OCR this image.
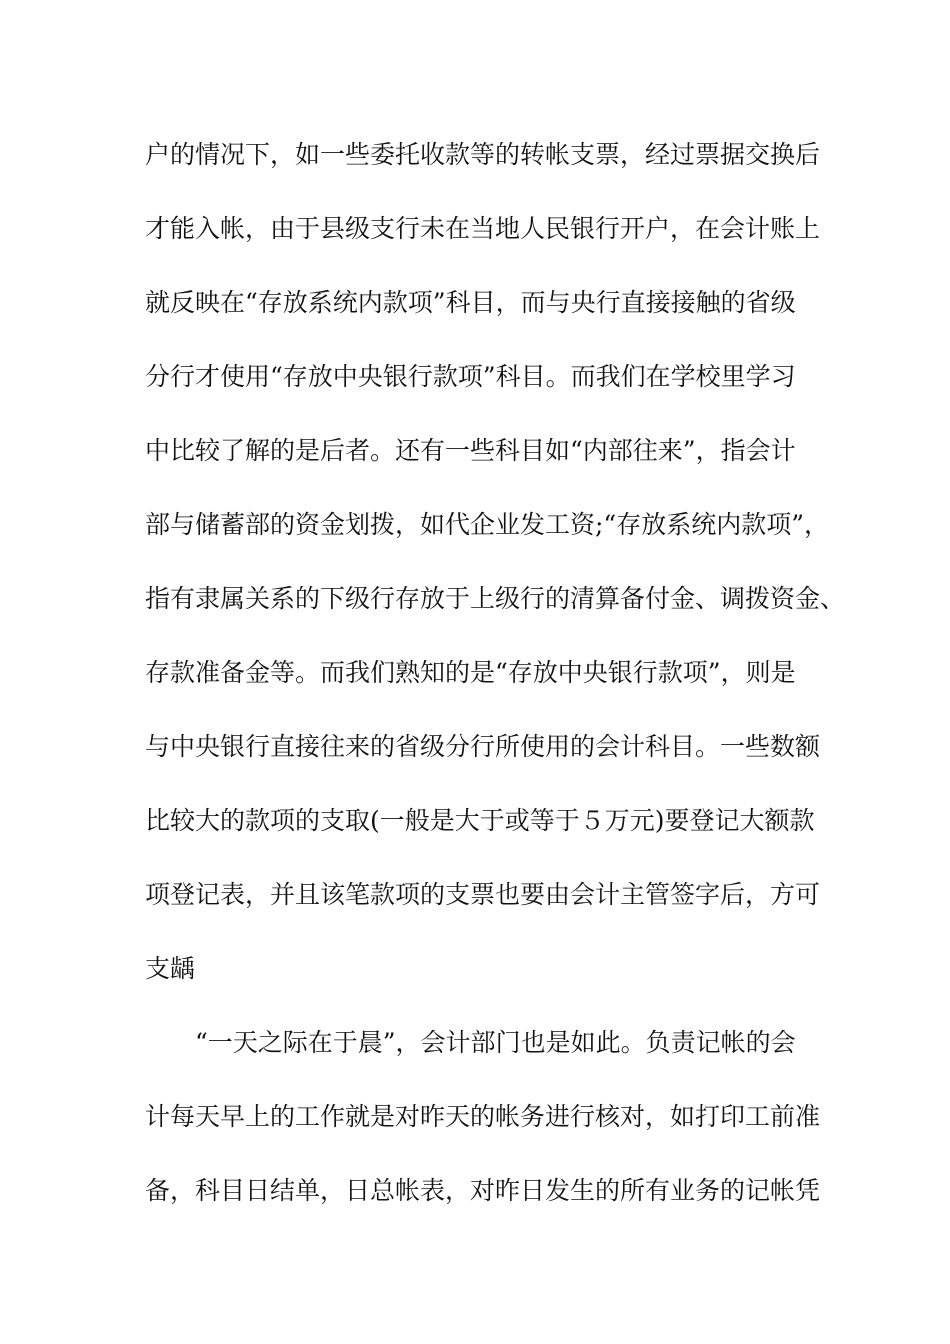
户的情况下，如一些委托收款等的转帐支票，经过票据交换后
才能入帐，由于县级支行未在当地人民银行开户，在会计账上
就反映在“存放系统内款项”科目，而与央行直接接触的省级
分行才使用“存放中央银行款项”科目。而我们在学校里学习
中比较了解的是后者。还有一些科目如“内部往来”，指会计
部与储蓄部的资金划拨，如代企业发工资;“存放系统内款项”，
指有隶属关系的下级行存放于上级行的清算备付金、调拨资金、
存款准备金等。而我们熟知的是“存放中央银行款项”，则是
与中央银行直接往来的省级分行所使用的会计科目。一些数额
比较大的款项的支取(一般是大于或等于５万元)要登记大额款
项登记表，并且该笔款项的支票也要由会计主管签字后，方可
支龋
“一天之际在于晨”，会计部门也是如此。负责记帐的会
计每天早上的工作就是对昨天的帐务进行核对，如打印工前准
备，科目日结单，日总帐表，对昨日发生的所有业务的记帐凭
